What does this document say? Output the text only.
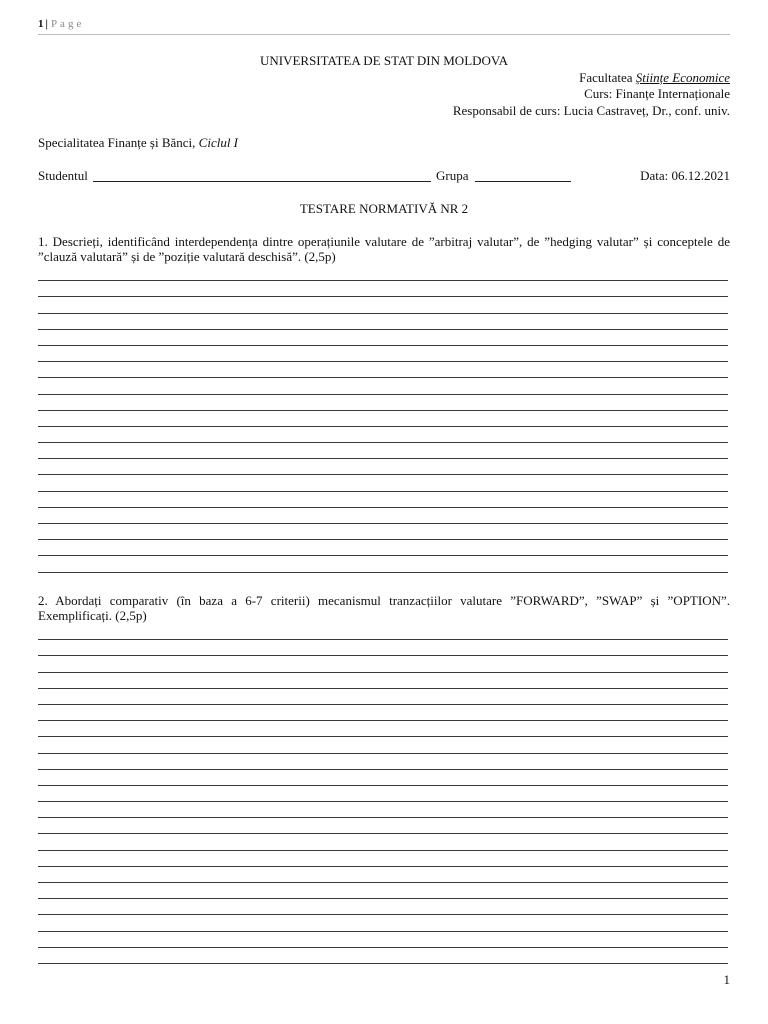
1 | Page
UNIVERSITATEA DE STAT DIN MOLDOVA
Facultatea Științe Economice
Curs: Finanțe Internaționale
Responsabil de curs: Lucia Castraveț, Dr., conf. univ.
Specialitatea Finanțe și Bănci, Ciclul I
Studentul	Grupa	Data: 06.12.2021
TESTARE NORMATIVĂ NR 2
1. Descrieți, identificând interdependența dintre operațiunile valutare de ”arbitraj valutar”, de ”hedging valutar” și conceptele de ”clauză valutară” și de ”poziție valutară deschisă”. (2,5p)
2. Abordați comparativ (în baza a 6-7 criterii) mecanismul tranzacțiilor valutare ”FORWARD”, ”SWAP” și ”OPTION”. Exemplificați. (2,5p)
1
